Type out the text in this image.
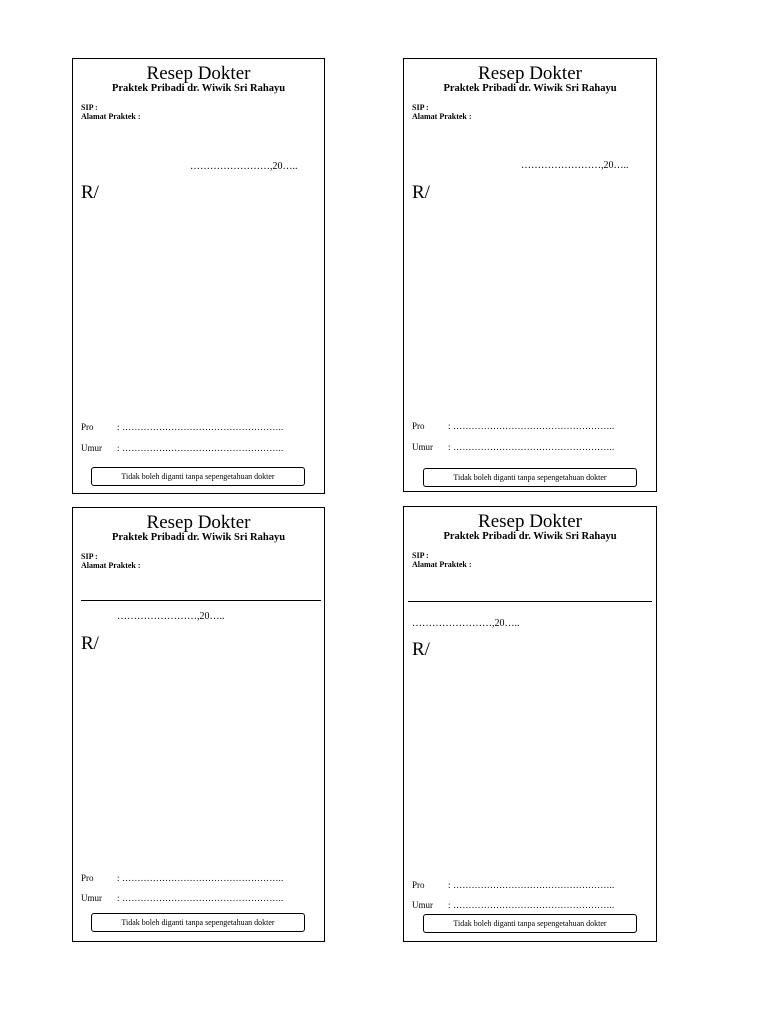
Resep Dokter
Praktek Pribadi dr. Wiwik Sri Rahayu
SIP :
Alamat Praktek :
……………………,20…..
R/
Pro	: ……………………………………………..
Umur : ……………………………………………..
Tidak boleh diganti tanpa sepengetahuan dokter
Resep Dokter
Praktek Pribadi dr. Wiwik Sri Rahayu
SIP :
Alamat Praktek :
……………………,20…..
R/
Pro	: ……………………………………………..
Umur : ……………………………………………..
Tidak boleh diganti tanpa sepengetahuan dokter
Resep Dokter
Praktek Pribadi dr. Wiwik Sri Rahayu
SIP :
Alamat Praktek :
……………………,20…..
R/
Pro	: ……………………………………………..
Umur : ……………………………………………..
Tidak boleh diganti tanpa sepengetahuan dokter
Resep Dokter
Praktek Pribadi dr. Wiwik Sri Rahayu
SIP :
Alamat Praktek :
……………………,20…..
R/
Pro	: ……………………………………………..
Umur : ……………………………………………..
Tidak boleh diganti tanpa sepengetahuan dokter
